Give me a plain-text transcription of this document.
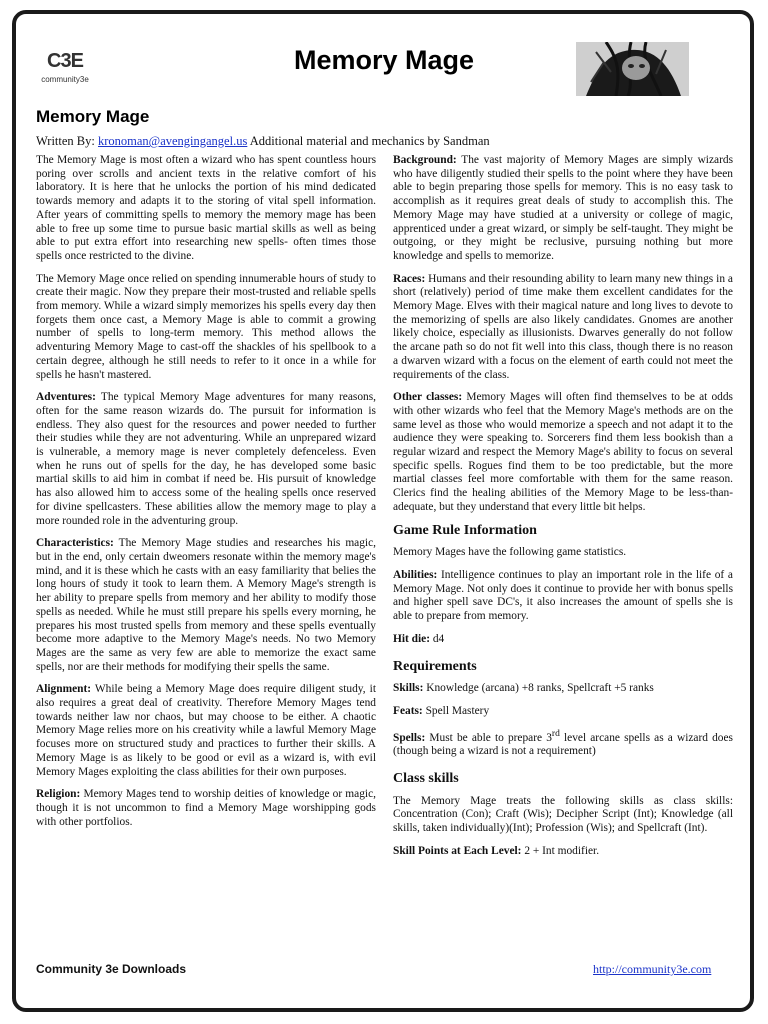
C3E
community3e
Memory Mage
Memory Mage
Written By: kronoman@avengingangel.us Additional material and mechanics by Sandman

The Memory Mage is most often a wizard who has spent countless hours poring over scrolls and ancient texts in the relative comfort of his laboratory. It is here that he unlocks the portion of his mind dedicated towards memory and adapts it to the storing of vital spell information. After years of committing spells to memory the memory mage has been able to free up some time to pursue basic martial skills as well as being able to put extra effort into researching new spells- often times those spells once restricted to the divine.

The Memory Mage once relied on spending innumerable hours of study to create their magic. Now they prepare their most-trusted and reliable spells from memory. While a wizard simply memorizes his spells every day then forgets them once cast, a Memory Mage is able to commit a growing number of spells to long-term memory. This method allows the adventuring Memory Mage to cast-off the shackles of his spellbook to a certain degree, although he still needs to refer to it once in a while for spells he hasn't mastered.

Adventures: The typical Memory Mage adventures for many reasons, often for the same reason wizards do. The pursuit for information is endless. They also quest for the resources and power needed to further their studies while they are not adventuring. While an unprepared wizard is vulnerable, a memory mage is never completely defenceless. Even when he runs out of spells for the day, he has developed some basic martial skills to aid him in combat if need be. His pursuit of knowledge has also allowed him to access some of the healing spells once reserved for divine spellcasters. These abilities allow the memory mage to play a more rounded role in the adventuring group.

Characteristics: The Memory Mage studies and researches his magic, but in the end, only certain dweomers resonate within the memory mage's mind, and it is these which he casts with an easy familiarity that belies the long hours of study it took to learn them. A Memory Mage's strength is her ability to prepare spells from memory and her ability to modify those spells as needed. While he must still prepare his spells every morning, he prepares his most trusted spells from memory and these spells eventually become more adaptive to the Memory Mage's needs. No two Memory Mages are the same as very few are able to memorize the exact same spells, nor are their methods for modifying their spells the same.

Alignment: While being a Memory Mage does require diligent study, it also requires a great deal of creativity. Therefore Memory Mages tend towards neither law nor chaos, but may choose to be either. A chaotic Memory Mage relies more on his creativity while a lawful Memory Mage focuses more on structured study and practices to further their skills. A Memory Mage is as likely to be good or evil as a wizard is, with evil Memory Mages exploiting the class abilities for their own purposes.

Religion: Memory Mages tend to worship deities of knowledge or magic, though it is not uncommon to find a Memory Mage worshipping gods with other portfolios.

Background: The vast majority of Memory Mages are simply wizards who have diligently studied their spells to the point where they have been able to begin preparing those spells for memory. This is no easy task to accomplish as it requires great deals of study to accomplish this. The Memory Mage may have studied at a university or college of magic, apprenticed under a great wizard, or simply be self-taught. They might be outgoing, or they might be reclusive, pursuing nothing but more knowledge and spells to memorize.

Races: Humans and their resounding ability to learn many new things in a short (relatively) period of time make them excellent candidates for the Memory Mage. Elves with their magical nature and long lives to devote to the memorizing of spells are also likely candidates. Gnomes are another likely choice, especially as illusionists. Dwarves generally do not follow the arcane path so do not fit well into this class, though there is no reason a dwarven wizard with a focus on the element of earth could not meet the requirements of the class.

Other classes: Memory Mages will often find themselves to be at odds with other wizards who feel that the Memory Mage's methods are on the same level as those who would memorize a speech and not adapt it to the audience they were speaking to. Sorcerers find them less bookish than a regular wizard and respect the Memory Mage's ability to focus on several specific spells. Rogues find them to be too predictable, but the more martial classes feel more comfortable with them for the same reason. Clerics find the healing abilities of the Memory Mage to be less-than-adequate, but they understand that every little bit helps.

Game Rule Information

Memory Mages have the following game statistics.

Abilities: Intelligence continues to play an important role in the life of a Memory Mage. Not only does it continue to provide her with bonus spells and higher spell save DC's, it also increases the amount of spells she is able to prepare from memory.

Hit die: d4

Requirements

Skills: Knowledge (arcana) +8 ranks, Spellcraft +5 ranks

Feats: Spell Mastery

Spells: Must be able to prepare 3rd level arcane spells as a wizard does (though being a wizard is not a requirement)

Class skills

The Memory Mage treats the following skills as class skills: Concentration (Con); Craft (Wis); Decipher Script (Int); Knowledge (all skills, taken individually)(Int); Profession (Wis); and Spellcraft (Int).

Skill Points at Each Level: 2 + Int modifier.

Community 3e Downloads	http://community3e.com
